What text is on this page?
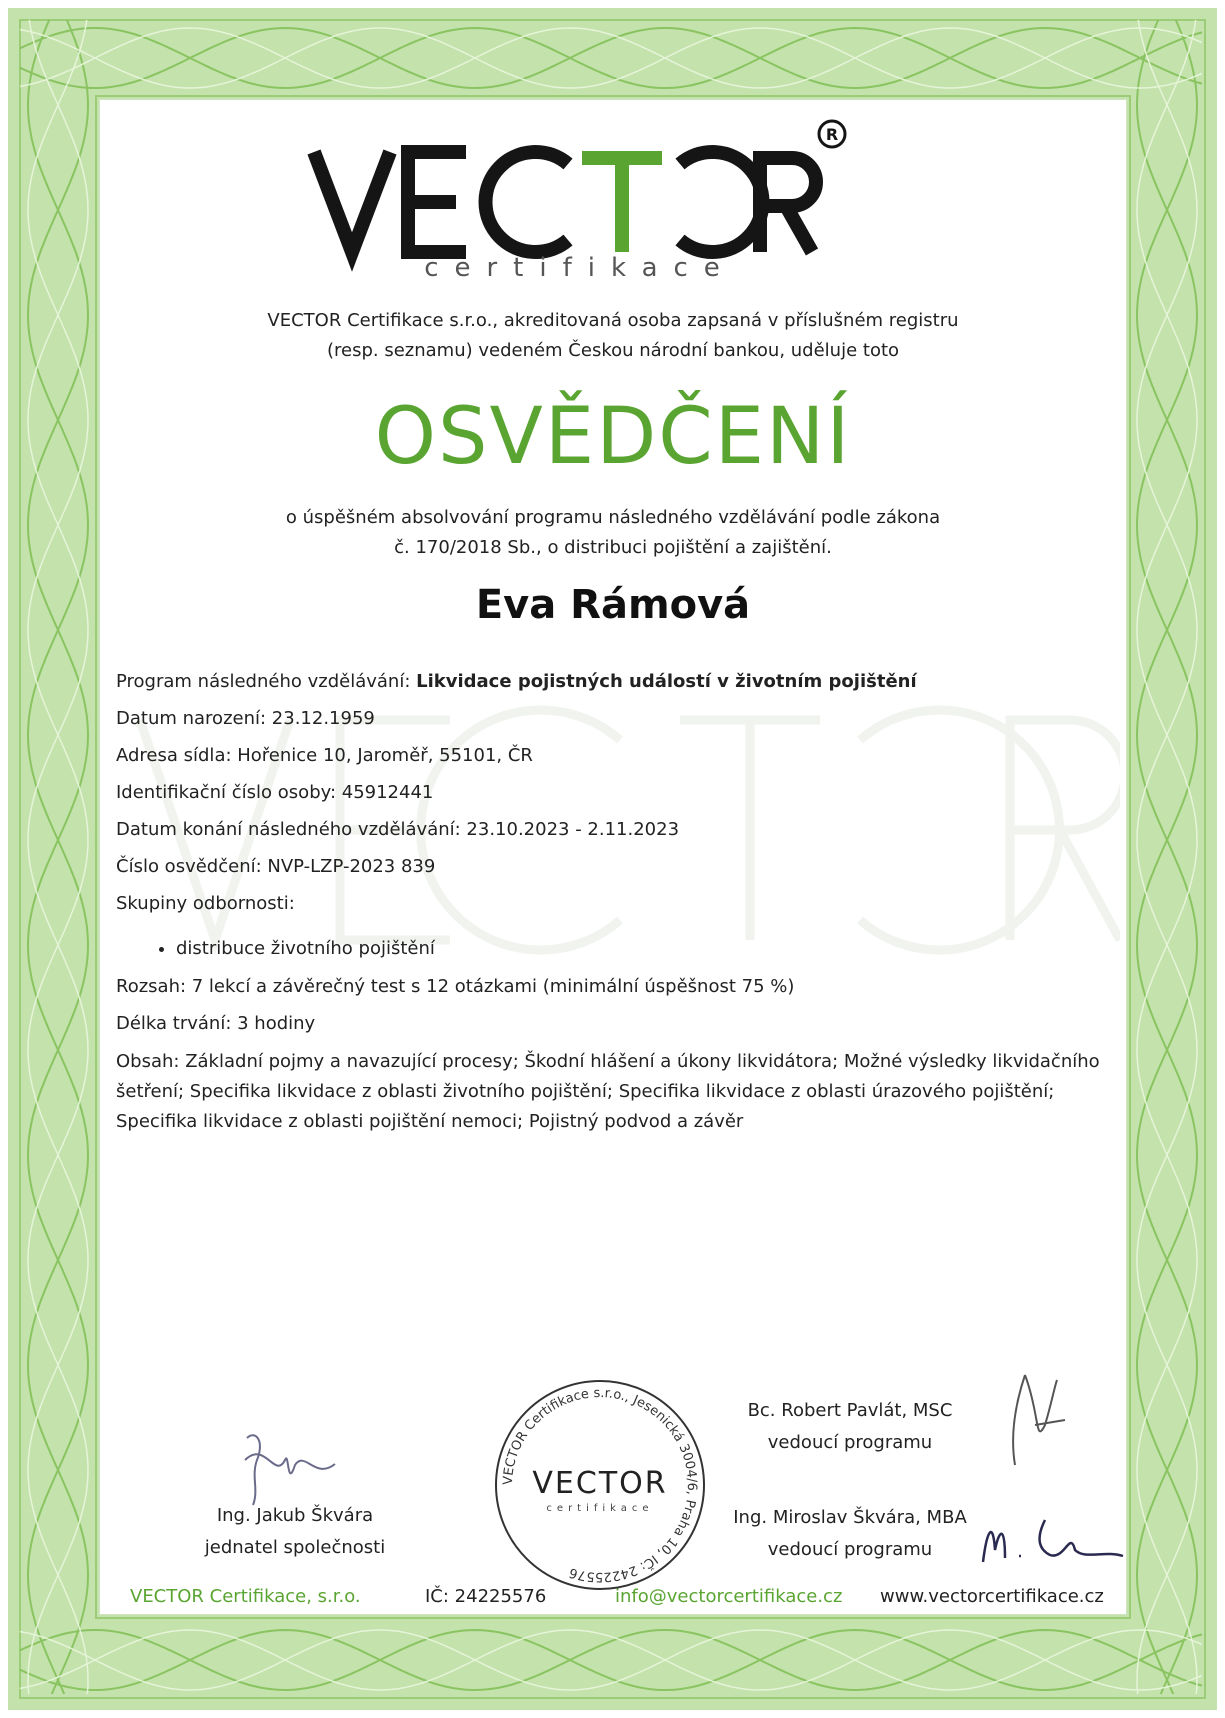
R
certifikace
VECTOR Certifikace s.r.o., akreditovaná osoba zapsaná v příslušném registru
(resp. seznamu) vedeném Českou národní bankou, uděluje toto
OSVĚDČENÍ
o úspěšném absolvování programu následného vzdělávání podle zákona
č. 170/2018 Sb., o distribuci pojištění a zajištění.
Eva Rámová
Program následného vzdělávání: Likvidace pojistných událostí v životním pojištění
Datum narození: 23.12.1959
Adresa sídla: Hořenice 10, Jaroměř, 55101, ČR
Identifikační číslo osoby: 45912441
Datum konání následného vzdělávání: 23.10.2023 - 2.11.2023
Číslo osvědčení: NVP-LZP-2023 839
Skupiny odbornosti:
• distribuce životního pojištění
Rozsah: 7 lekcí a závěrečný test s 12 otázkami (minimální úspěšnost 75 %)
Délka trvání: 3 hodiny
Obsah: Základní pojmy a navazující procesy; Škodní hlášení a úkony likvidátora; Možné výsledky likvidačního šetření; Specifika likvidace z oblasti životního pojištění; Specifika likvidace z oblasti úrazového pojištění; Specifika likvidace z oblasti pojištění nemoci; Pojistný podvod a závěr
VECTOR Certifikace s.r.o., Jesenická 3004/6, Praha 10, IČ: 24225576
VECTOR
certifikace
Ing. Jakub Škvára
jednatel společnosti
Bc. Robert Pavlát, MSC
vedoucí programu
Ing. Miroslav Škvára, MBA
vedoucí programu
VECTOR Certifikace, s.r.o.	IČ: 24225576	info@vectorcertifikace.cz www.vectorcertifikace.cz
